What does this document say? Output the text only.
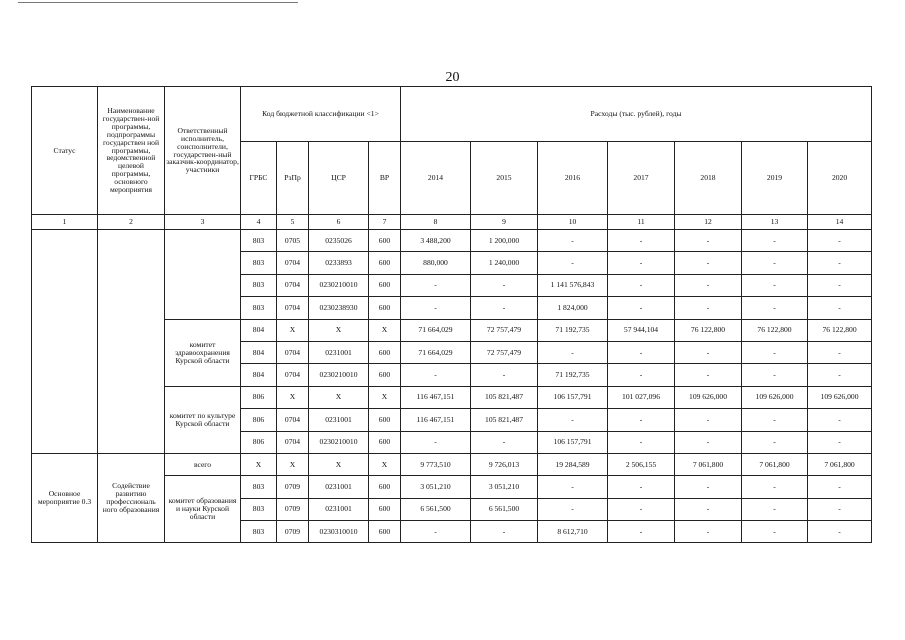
20
Статус	Наименование государствен-ной программы, подпрограммы государствен ной программы, ведомственной целевой программы, основного мероприятия	Ответственный исполнитель, соисполнители, государствен-ный заказчик-координатор, участники	Код бюджетной классификации <1>				Расходы (тыс. рублей), годы						
			ГРБС	РзПр	ЦСР	ВР	2014	2015	2016	2017	2018	2019	2020
1	2	3	4	5	6	7	8	9	10	11	12	13	14
			803	0705	0235026	600	3 488,200	1 200,000	-	-	-	-	-
			803	0704	0233893	600	880,000	1 240,000	-	-	-	-	-
			803	0704	0230210010	600	-	-	1 141 576,843	-	-	-	-
			803	0704	0230238930	600	-	-	1 824,000	-	-	-	-
		комитет здравоохранения Курской области	804	Х	Х	Х	71 664,029	72 757,479	71 192,735	57 944,104	76 122,800	76 122,800	76 122,800
			804	0704	0231001	600	71 664,029	72 757,479	-	-	-	-	-
			804	0704	0230210010	600	-	-	71 192,735	-	-	-	-
		комитет по культуре Курской области	806	Х	Х	Х	116 467,151	105 821,487	106 157,791	101 027,096	109 626,000	109 626,000	109 626,000
			806	0704	0231001	600	116 467,151	105 821,487	-	-	-	-	-
			806	0704	0230210010	600	-	-	106 157,791	-	-	-	-
Основное мероприятие 0.3	Содействие развитию профессиональ ного образования	всего	Х	Х	Х	Х	9 773,510	9 726,013	19 284,589	2 506,155	7 061,800	7 061,800	7 061,800
		комитет образования и науки Курской области	803	0709	0231001	600	3 051,210	3 051,210	-	-	-	-	-
			803	0709	0231001	600	6 561,500	6 561,500	-	-	-	-	-
			803	0709	0230310010	600	-	-	8 612,710	-	-	-	-
